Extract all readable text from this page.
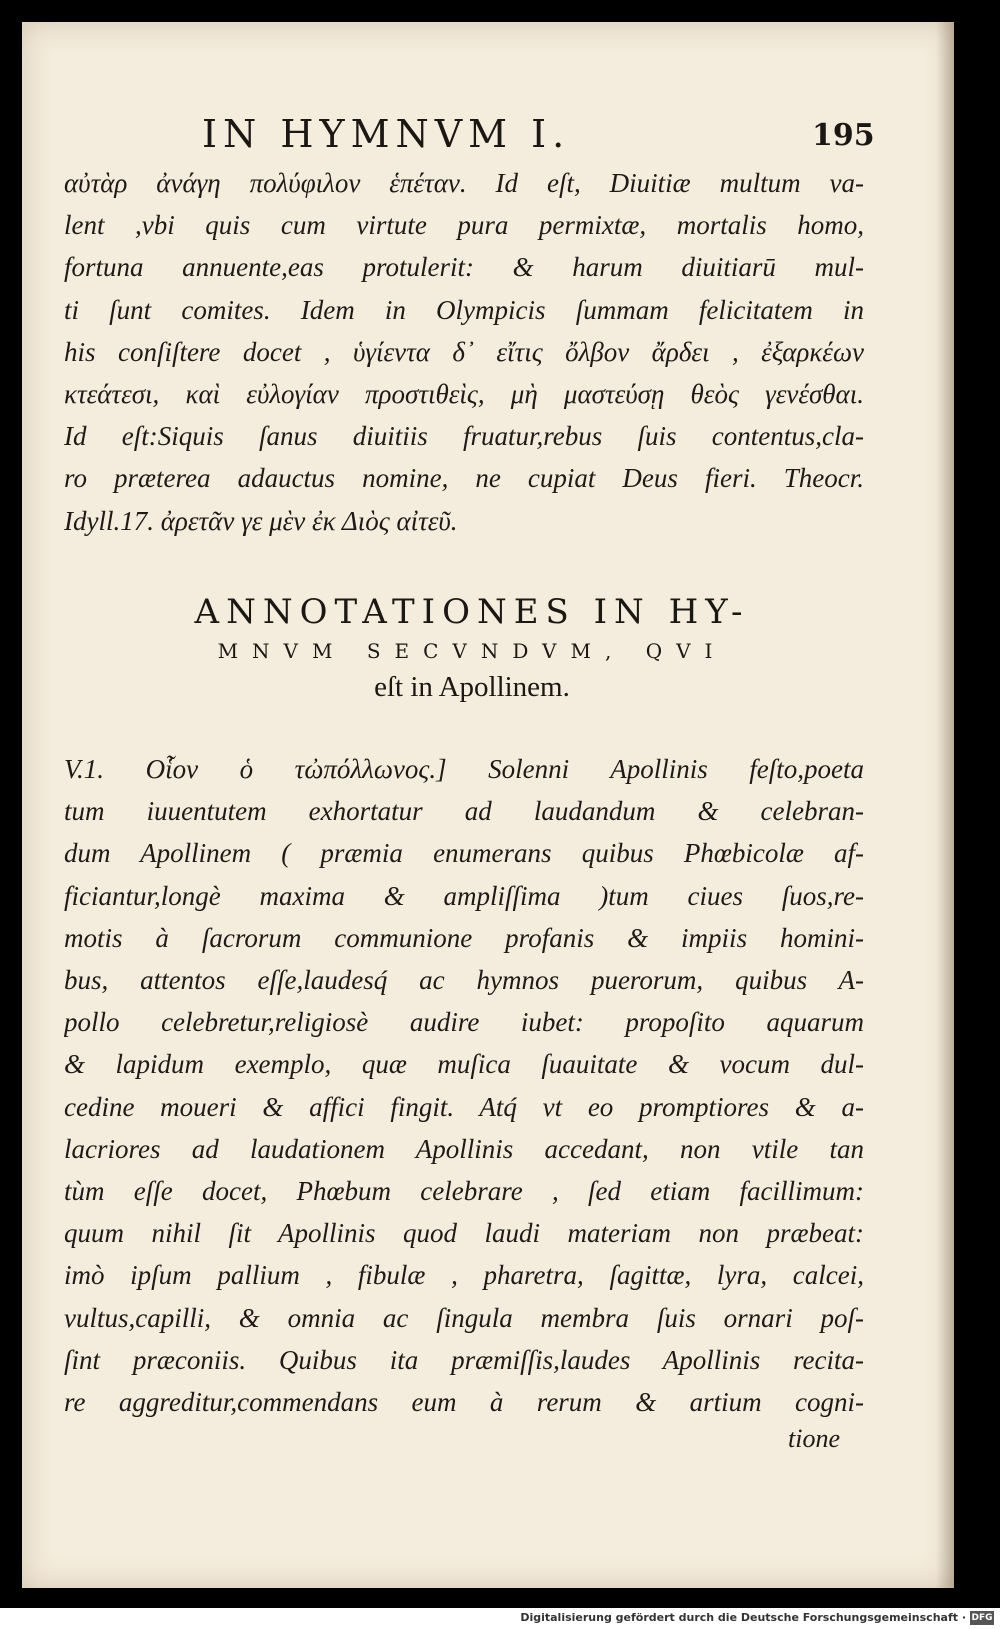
IN HYMNVM I.	195
αὐτὰρ ἀνάγη πολύφιλον ἑπέταν. Id eſt, Diuitiæ multum va-
lent ,vbi quis cum virtute pura permixtæ, mortalis homo,
fortuna annuente,eas protulerit: & harum diuitiarū mul-
ti ſunt comites. Idem in Olympicis ſummam felicitatem in
his conſiſtere docet , ὑγίεντα δ᾽ εἴτις ὄλβον ἄρδει , ἐξαρκέων
κτεάτεσι, καὶ εὐλογίαν προστιθεὶς, μὴ μαστεύσῃ θεὸς γενέσθαι.
Id eſt:Siquis ſanus diuitiis fruatur,rebus ſuis contentus,cla-
ro præterea adauctus nomine, ne cupiat Deus fieri. Theocr.
Idyll.17. ἀρετᾶν γε μὲν ἐκ Διὸς αἰτεῦ.
ANNOTATIONES IN HY-
MNVM SECVNDVM, QVI
eſt in Apollinem.
V.1. Οἷον ὁ τὠπόλλωνος.] Solenni Apollinis feſto,poeta
tum iuuentutem exhortatur ad laudandum & celebran-
dum Apollinem ( præmia enumerans quibus Phœbicolæ af-
ficiantur,longè maxima & ampliſſima )tum ciues ſuos,re-
motis à ſacrorum communione profanis & impiis homini-
bus, attentos eſſe,laudesq́ ac hymnos puerorum, quibus A-
pollo celebretur,religiosè audire iubet: propoſito aquarum
& lapidum exemplo, quæ muſica ſuauitate & vocum dul-
cedine moueri & affici fingit. Atq́ vt eo promptiores & a-
lacriores ad laudationem Apollinis accedant, non vtile tan
tùm eſſe docet, Phœbum celebrare , ſed etiam facillimum:
quum nihil ſit Apollinis quod laudi materiam non præbeat:
imò ipſum pallium , fibulæ , pharetra, ſagittæ, lyra, calcei,
vultus,capilli, & omnia ac ſingula membra ſuis ornari poſ-
ſint præconiis. Quibus ita præmiſſis,laudes Apollinis recita-
re aggreditur,commendans eum à rerum & artium cogni-
tione
Digitalisierung gefördert durch die Deutsche Forschungsgemeinschaft · DFG
